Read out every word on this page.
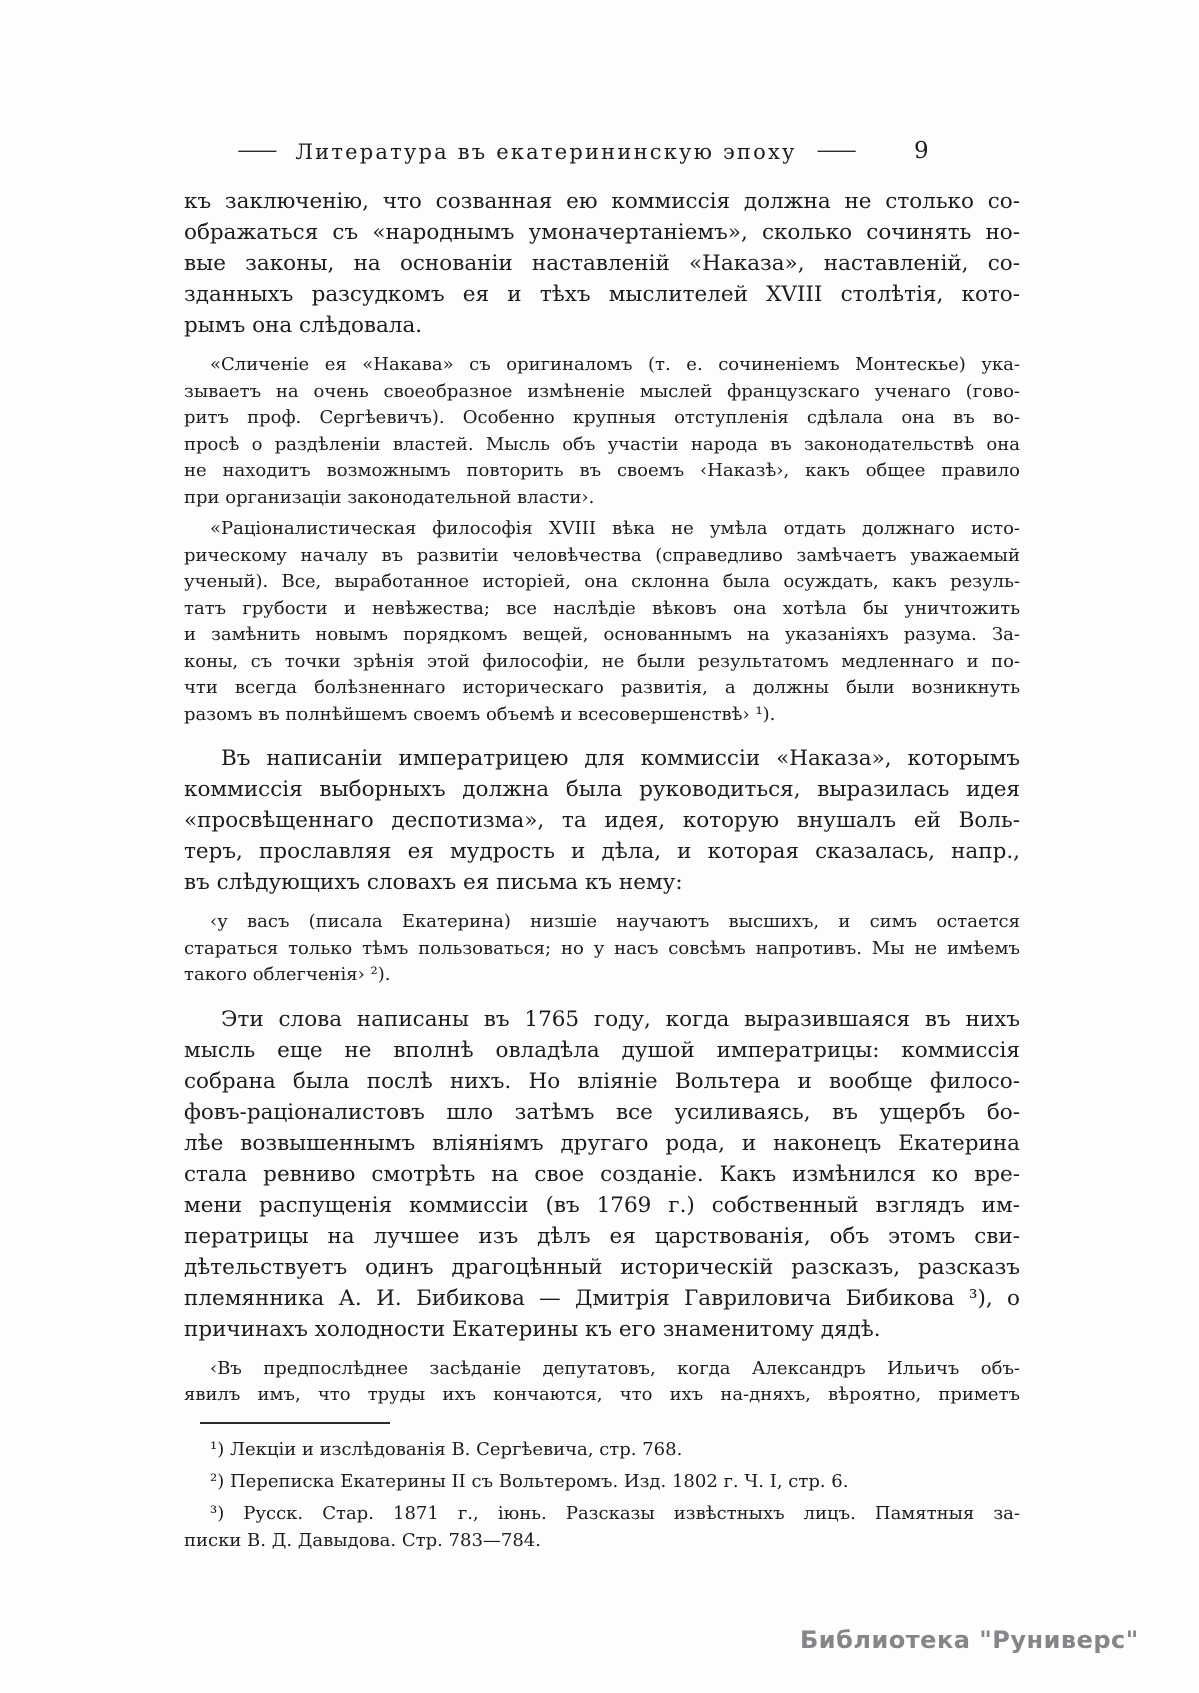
—— Литература въ екатерининскую эпоху ——	9
къ заключенію, что созванная ею коммиссія должна не столько со-
ображаться съ «народнымъ умоначертаніемъ», сколько сочинять но-
вые законы, на основаніи наставленій «Наказа», наставленій, со-
зданныхъ разсудкомъ ея и тѣхъ мыслителей XVIII столѣтія, кото-
рымъ она слѣдовала.
«Сличеніе ея «Накава» съ оригиналомъ (т. е. сочиненіемъ Монтескье) ука-
зываетъ на очень своеобразное измѣненіе мыслей французскаго ученаго (гово-
ритъ проф. Сергѣевичъ). Особенно крупныя отступленія сдѣлала она въ во-
просѣ о раздѣленіи властей. Мысль объ участіи народа въ законодательствѣ она
не находитъ возможнымъ повторить въ своемъ ‹Наказѣ›, какъ общее правило
при организаціи законодательной власти›.
«Раціоналистическая философія XVIII вѣка не умѣла отдать должнаго исто-
рическому началу въ развитіи человѣчества (справедливо замѣчаетъ уважаемый
ученый). Все, выработанное исторіей, она склонна была осуждать, какъ резуль-
татъ грубости и невѣжества; все наслѣдіе вѣковъ она хотѣла бы уничтожить
и замѣнить новымъ порядкомъ вещей, основаннымъ на указаніяхъ разума. За-
коны, съ точки зрѣнія этой философіи, не были результатомъ медленнаго и по-
чти всегда болѣзненнаго историческаго развитія, а должны были возникнуть
разомъ въ полнѣйшемъ своемъ объемѣ и всесовершенствѣ› ¹).
Въ написаніи императрицею для коммиссіи «Наказа», которымъ
коммиссія выборныхъ должна была руководиться, выразилась идея
«просвѣщеннаго деспотизма», та идея, которую внушалъ ей Воль-
теръ, прославляя ея мудрость и дѣла, и которая сказалась, напр.,
въ слѣдующихъ словахъ ея письма къ нему:
‹у васъ (писала Екатерина) низшіе научаютъ высшихъ, и симъ остается
стараться только тѣмъ пользоваться; но у насъ совсѣмъ напротивъ. Мы не имѣемъ
такого облегченія› ²).
Эти слова написаны въ 1765 году, когда выразившаяся въ нихъ
мысль еще не вполнѣ овладѣла душой императрицы: коммиссія
собрана была послѣ нихъ. Но вліяніе Вольтера и вообще филосо-
фовъ-раціоналистовъ шло затѣмъ все усиливаясь, въ ущербъ бо-
лѣе возвышеннымъ вліяніямъ другаго рода, и наконецъ Екатерина
стала ревниво смотрѣть на свое созданіе. Какъ измѣнился ко вре-
мени распущенія коммиссіи (въ 1769 г.) собственный взглядъ им-
ператрицы на лучшее изъ дѣлъ ея царствованія, объ этомъ сви-
дѣтельствуетъ одинъ драгоцѣнный историческій разсказъ, разсказъ
племянника А. И. Бибикова — Дмитрія Гавриловича Бибикова ³), о
причинахъ холодности Екатерины къ его знаменитому дядѣ.
‹Въ предпослѣднее засѣданіе депутатовъ, когда Александръ Ильичъ объ-
явилъ имъ, что труды ихъ кончаются, что ихъ на-дняхъ, вѣроятно, приметъ
¹) Лекціи и изслѣдованія В. Сергѣевича, стр. 768.
²) Переписка Екатерины II съ Вольтеромъ. Изд. 1802 г. Ч. I, стр. 6.
³) Русск. Стар. 1871 г., іюнь. Разсказы извѣстныхъ лицъ. Памятныя за-
писки В. Д. Давыдова. Стр. 783—784.
Библиотека "Руниверс"
